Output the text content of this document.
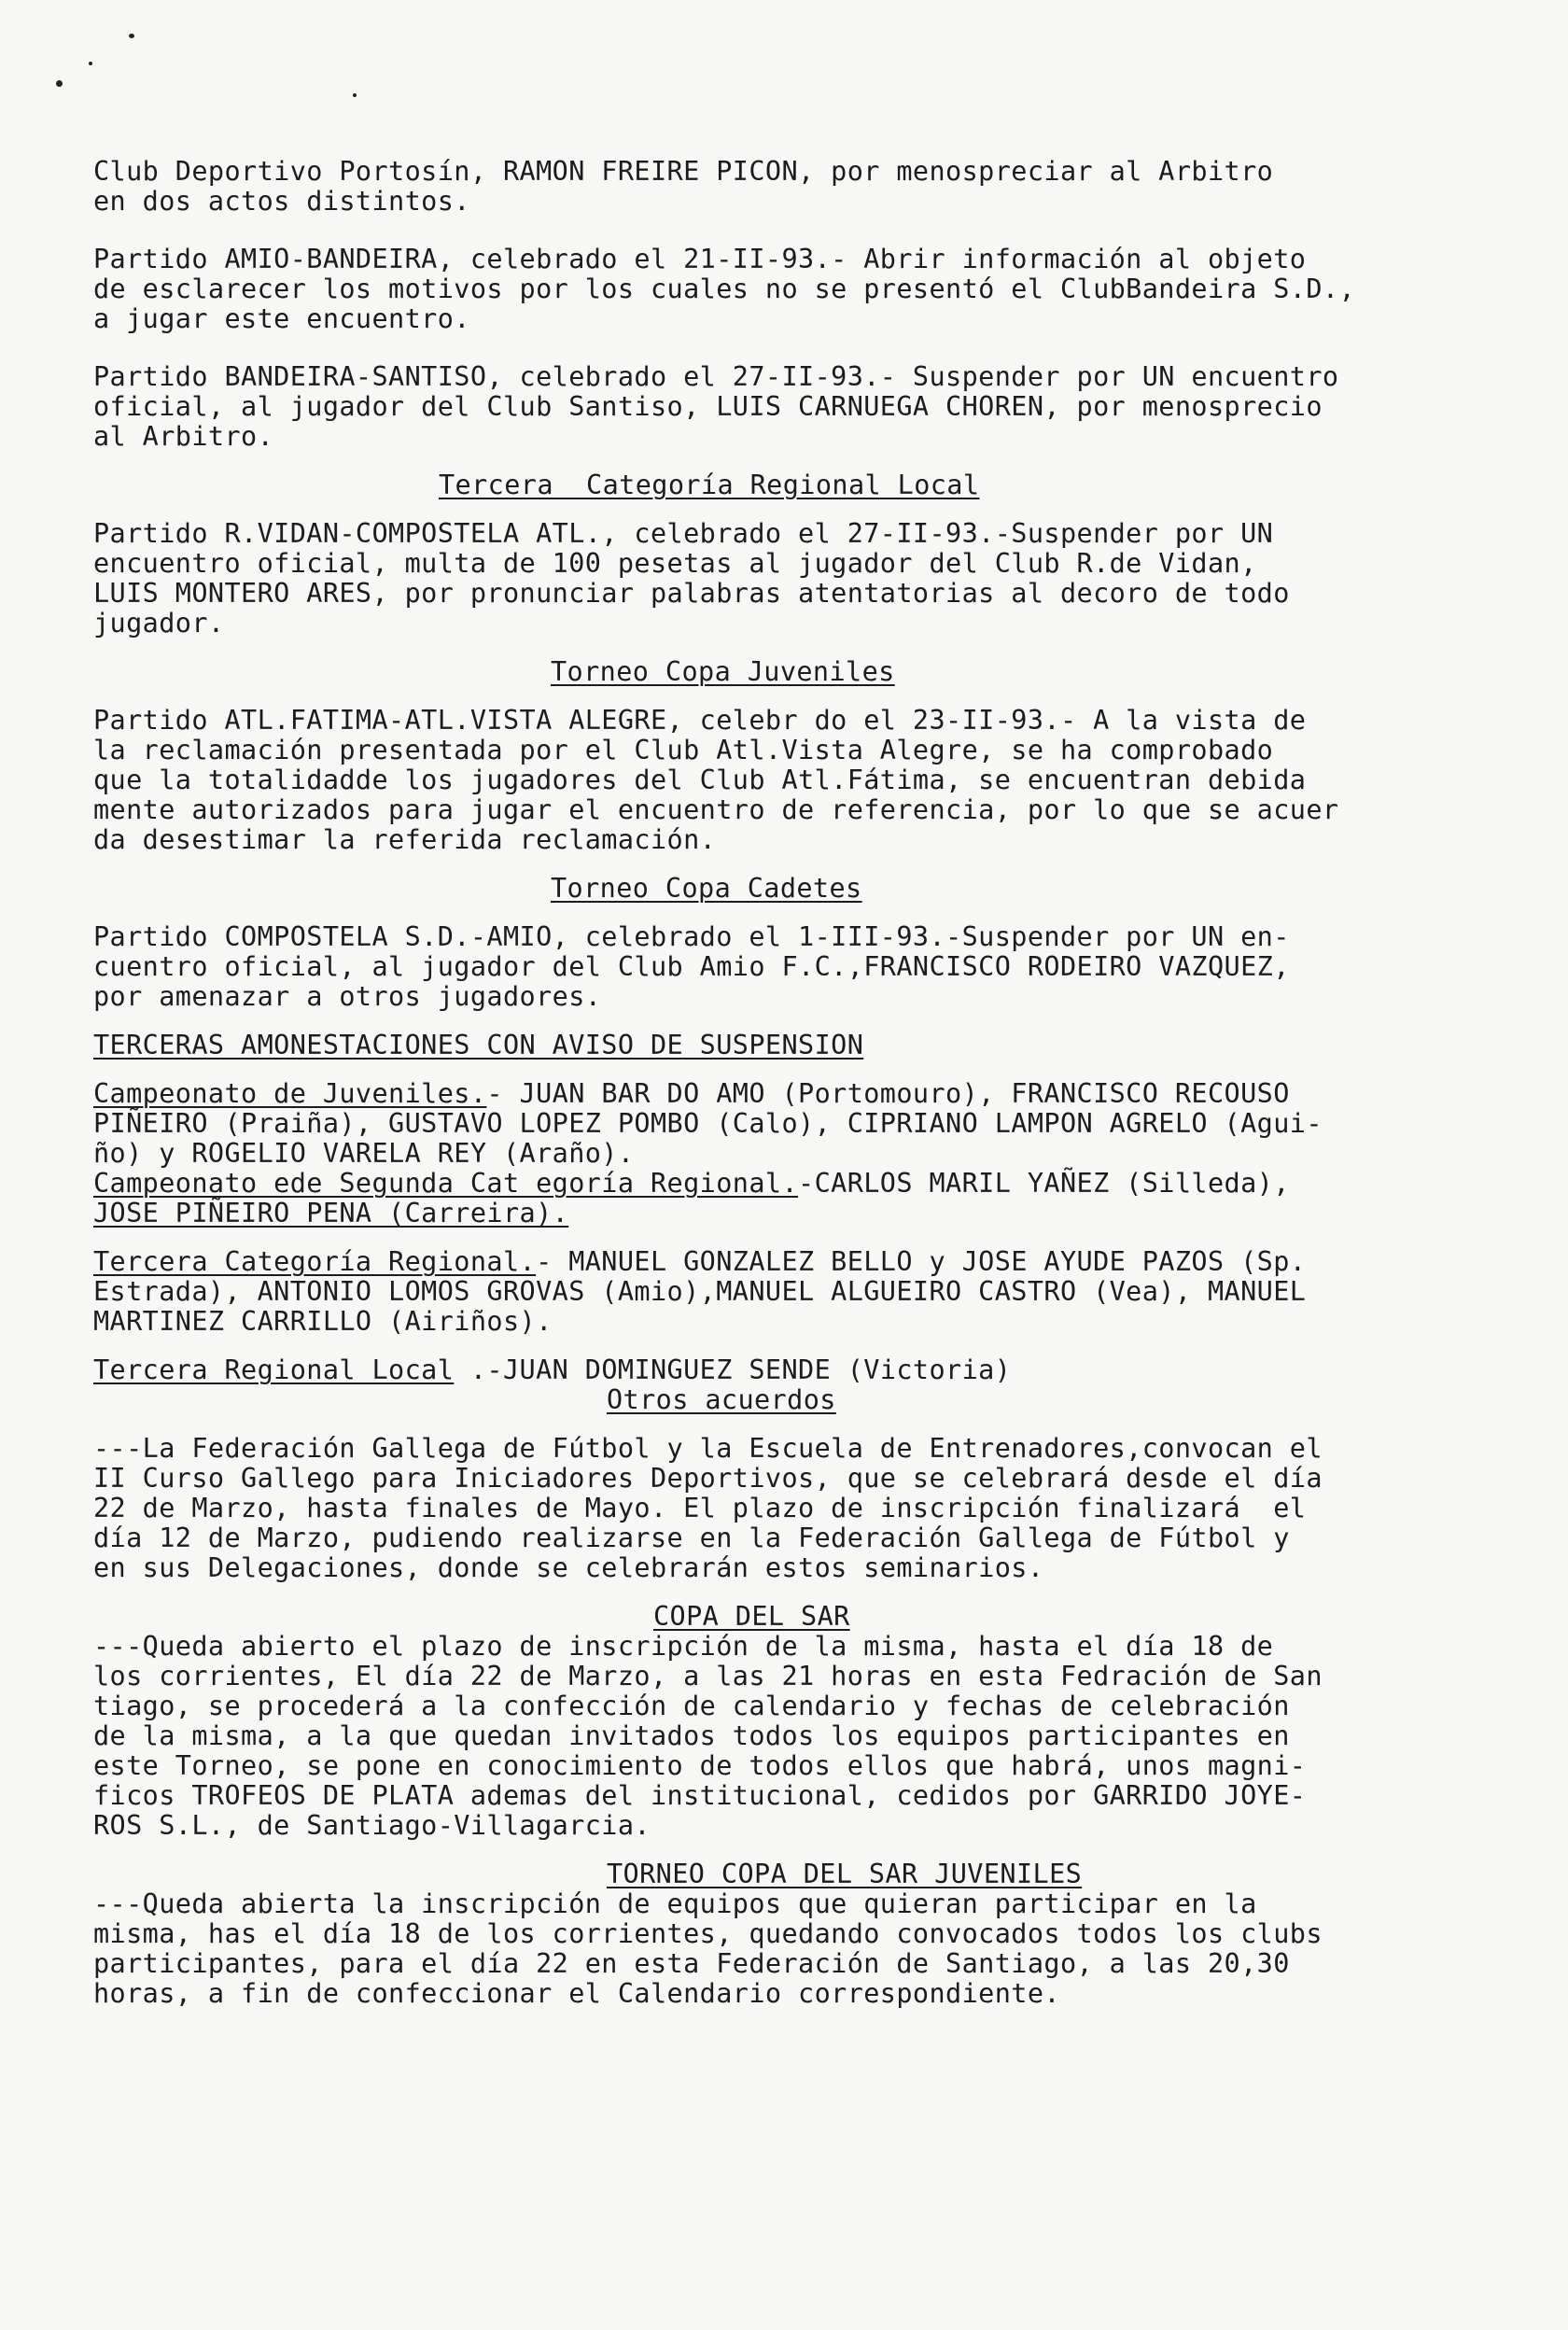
Club Deportivo Portosín, RAMON FREIRE PICON, por menospreciar al Arbitro

en dos actos distintos.

Partido AMIO-BANDEIRA, celebrado el 21-II-93.- Abrir información al objeto

de esclarecer los motivos por los cuales no se presentó el ClubBandeira S.D.,

a jugar este encuentro.

Partido BANDEIRA-SANTISO, celebrado el 27-II-93.- Suspender por UN encuentro

oficial, al jugador del Club Santiso, LUIS CARNUEGA CHOREN, por menosprecio

al Arbitro.

Tercera  Categoría Regional Local

Partido R.VIDAN-COMPOSTELA ATL., celebrado el 27-II-93.-Suspender por UN

encuentro oficial, multa de 100 pesetas al jugador del Club R.de Vidan,

LUIS MONTERO ARES, por pronunciar palabras atentatorias al decoro de todo

jugador.

Torneo Copa Juveniles

Partido ATL.FATIMA-ATL.VISTA ALEGRE, celebr do el 23-II-93.- A la vista de

la reclamación presentada por el Club Atl.Vista Alegre, se ha comprobado

que la totalidadde los jugadores del Club Atl.Fátima, se encuentran debida

mente autorizados para jugar el encuentro de referencia, por lo que se acuer

da desestimar la referida reclamación.

Torneo Copa Cadetes

Partido COMPOSTELA S.D.-AMIO, celebrado el 1-III-93.-Suspender por UN en-

cuentro oficial, al jugador del Club Amio F.C.,FRANCISCO RODEIRO VAZQUEZ,

por amenazar a otros jugadores.

TERCERAS AMONESTACIONES CON AVISO DE SUSPENSION

Campeonato de Juveniles.- JUAN BAR DO AMO (Portomouro), FRANCISCO RECOUSO

PIÑEIRO (Praiña), GUSTAVO LOPEZ POMBO (Calo), CIPRIANO LAMPON AGRELO (Agui-

ño) y ROGELIO VARELA REY (Araño).

Campeonato ede Segunda Cat egoría Regional.-CARLOS MARIL YAÑEZ (Silleda),

JOSE PIÑEIRO PENA (Carreira).

Tercera Categoría Regional.- MANUEL GONZALEZ BELLO y JOSE AYUDE PAZOS (Sp.

Estrada), ANTONIO LOMOS GROVAS (Amio),MANUEL ALGUEIRO CASTRO (Vea), MANUEL

MARTINEZ CARRILLO (Airiños).

Tercera Regional Local .-JUAN DOMINGUEZ SENDE (Victoria)

Otros acuerdos

---La Federación Gallega de Fútbol y la Escuela de Entrenadores,convocan el

II Curso Gallego para Iniciadores Deportivos, que se celebrará desde el día

22 de Marzo, hasta finales de Mayo. El plazo de inscripción finalizará  el

día 12 de Marzo, pudiendo realizarse en la Federación Gallega de Fútbol y

en sus Delegaciones, donde se celebrarán estos seminarios.

COPA DEL SAR

---Queda abierto el plazo de inscripción de la misma, hasta el día 18 de

los corrientes, El día 22 de Marzo, a las 21 horas en esta Fedración de San

tiago, se procederá a la confección de calendario y fechas de celebración

de la misma, a la que quedan invitados todos los equipos participantes en

este Torneo, se pone en conocimiento de todos ellos que habrá, unos magni-

ficos TROFEOS DE PLATA ademas del institucional, cedidos por GARRIDO JOYE-

ROS S.L., de Santiago-Villagarcia.

TORNEO COPA DEL SAR JUVENILES

---Queda abierta la inscripción de equipos que quieran participar en la

misma, has el día 18 de los corrientes, quedando convocados todos los clubs

participantes, para el día 22 en esta Federación de Santiago, a las 20,30

horas, a fin de confeccionar el Calendario correspondiente.
